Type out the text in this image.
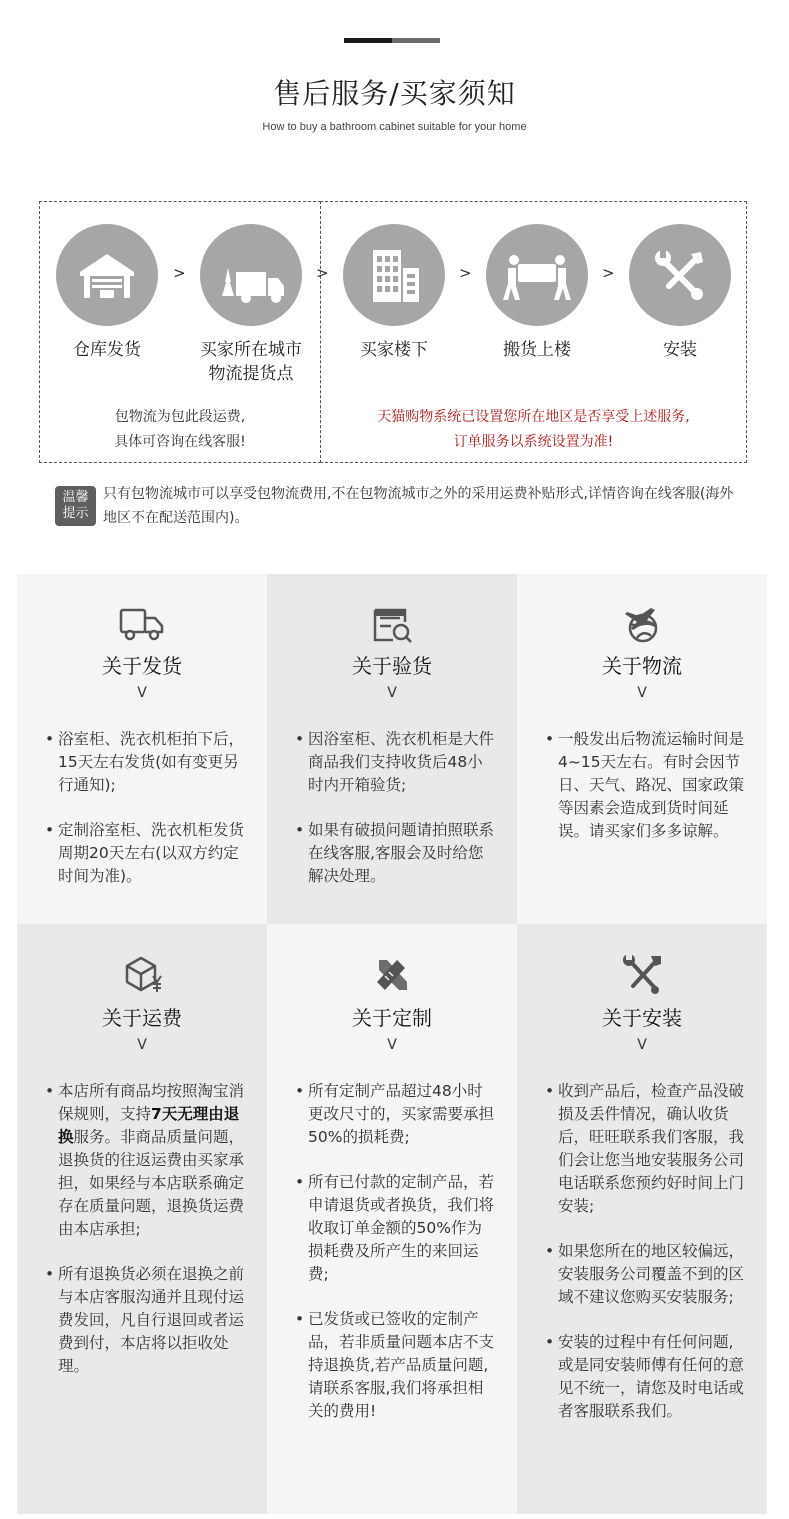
售后服务/买家须知
How to buy a bathroom cabinet suitable for your home
>	>	>	>
仓库发货	买家所在城市
物流提货点
买家楼下	搬货上楼	安装
包物流为包此段运费,
具体可咨询在线客服!
天猫购物系统已设置您所在地区是否享受上述服务,
订单服务以系统设置为准!
温馨
提示
只有包物流城市可以享受包物流费用,不在包物流城市之外的采用运费补贴形式,详情咨询在线客服(海外地区不在配送范围内)。
关于发货
V
• 浴室柜、洗衣机柜拍下后，15天左右发货(如有变更另行通知);
• 定制浴室柜、洗衣机柜发货周期20天左右(以双方约定时间为准)。
关于验货
V
• 因浴室柜、洗衣机柜是大件商品我们支持收货后48小时内开箱验货;
• 如果有破损问题请拍照联系在线客服,客服会及时给您解决处理。
关于物流
V
• 一般发出后物流运输时间是4~15天左右。有时会因节日、天气、路况、国家政策等因素会造成到货时间延误。请买家们多多谅解。
关于运费
V
• 本店所有商品均按照淘宝消保规则，支持7天无理由退换服务。非商品质量问题，退换货的往返运费由买家承担，如果经与本店联系确定存在质量问题，退换货运费由本店承担;
• 所有退换货必须在退换之前与本店客服沟通并且现付运费发回，凡自行退回或者运费到付，本店将以拒收处理。
关于定制
V
• 所有定制产品超过48小时更改尺寸的，买家需要承担50%的损耗费;
• 所有已付款的定制产品，若申请退货或者换货，我们将收取订单金额的50%作为损耗费及所产生的来回运费;
• 已发货或已签收的定制产品，若非质量问题本店不支持退换货,若产品质量问题,请联系客服,我们将承担相关的费用!
关于安装
V
• 收到产品后，检查产品没破损及丢件情况，确认收货后，旺旺联系我们客服，我们会让您当地安装服务公司电话联系您预约好时间上门安装;
• 如果您所在的地区较偏远，安装服务公司覆盖不到的区域不建议您购买安装服务;
• 安装的过程中有任何问题,或是同安装师傅有任何的意见不统一，请您及时电话或者客服联系我们。
